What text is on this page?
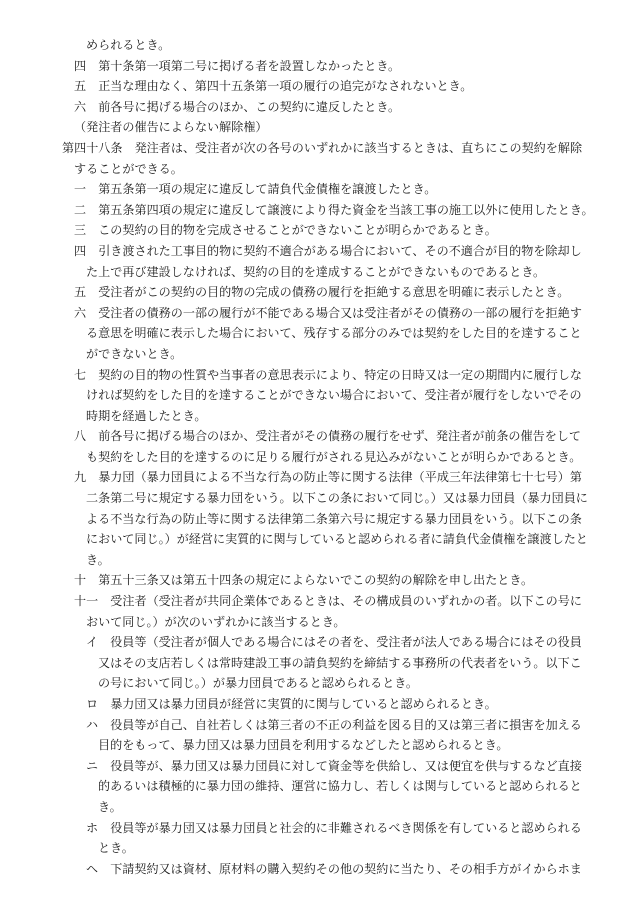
められるとき。
四　第十条第一項第二号に掲げる者を設置しなかったとき。
五　正当な理由なく、第四十五条第一項の履行の追完がなされないとき。
六　前各号に掲げる場合のほか、この契約に違反したとき。
（発注者の催告によらない解除権）
第四十八条　発注者は、受注者が次の各号のいずれかに該当するときは、直ちにこの契約を解除
することができる。
一　第五条第一項の規定に違反して請負代金債権を譲渡したとき。
二　第五条第四項の規定に違反して譲渡により得た資金を当該工事の施工以外に使用したとき。
三　この契約の目的物を完成させることができないことが明らかであるとき。
四　引き渡された工事目的物に契約不適合がある場合において、その不適合が目的物を除却し
た上で再び建設しなければ、契約の目的を達成することができないものであるとき。
五　受注者がこの契約の目的物の完成の債務の履行を拒絶する意思を明確に表示したとき。
六　受注者の債務の一部の履行が不能である場合又は受注者がその債務の一部の履行を拒絶す
る意思を明確に表示した場合において、残存する部分のみでは契約をした目的を達すること
ができないとき。
七　契約の目的物の性質や当事者の意思表示により、特定の日時又は一定の期間内に履行しな
ければ契約をした目的を達することができない場合において、受注者が履行をしないでその
時期を経過したとき。
八　前各号に掲げる場合のほか、受注者がその債務の履行をせず、発注者が前条の催告をして
も契約をした目的を達するのに足りる履行がされる見込みがないことが明らかであるとき。
九　暴力団（暴力団員による不当な行為の防止等に関する法律（平成三年法律第七十七号）第
二条第二号に規定する暴力団をいう。以下この条において同じ。）又は暴力団員（暴力団員に
よる不当な行為の防止等に関する法律第二条第六号に規定する暴力団員をいう。以下この条
において同じ。）が経営に実質的に関与していると認められる者に請負代金債権を譲渡したと
き。
十　第五十三条又は第五十四条の規定によらないでこの契約の解除を申し出たとき。
十一　受注者（受注者が共同企業体であるときは、その構成員のいずれかの者。以下この号に
おいて同じ。）が次のいずれかに該当するとき。
イ　役員等（受注者が個人である場合にはその者を、受注者が法人である場合にはその役員
又はその支店若しくは常時建設工事の請負契約を締結する事務所の代表者をいう。以下こ
の号において同じ。）が暴力団員であると認められるとき。
ロ　暴力団又は暴力団員が経営に実質的に関与していると認められるとき。
ハ　役員等が自己、自社若しくは第三者の不正の利益を図る目的又は第三者に損害を加える
目的をもって、暴力団又は暴力団員を利用するなどしたと認められるとき。
ニ　役員等が、暴力団又は暴力団員に対して資金等を供給し、又は便宜を供与するなど直接
的あるいは積極的に暴力団の維持、運営に協力し、若しくは関与していると認められると
き。
ホ　役員等が暴力団又は暴力団員と社会的に非難されるべき関係を有していると認められる
とき。
ヘ　下請契約又は資材、原材料の購入契約その他の契約に当たり、その相手方がイからホま
